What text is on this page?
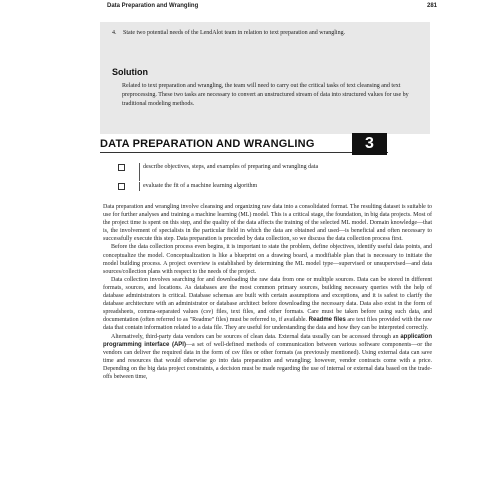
Data Preparation and Wrangling	281
4. State two potential needs of the LendAlot team in relation to text preparation and wrangling.
Solution
Related to text preparation and wrangling, the team will need to carry out the critical tasks of text cleansing and text preprocessing. These two tasks are necessary to convert an unstructured stream of data into structured values for use by traditional modeling methods.
DATA PREPARATION AND WRANGLING	3
describe objectives, steps, and examples of preparing and wrangling data
evaluate the fit of a machine learning algorithm

Data preparation and wrangling involve cleansing and organizing raw data into a consolidated format. The resulting dataset is suitable to use for further analyses and training a machine learning (ML) model. This is a critical stage, the foundation, in big data projects. Most of the project time is spent on this step, and the quality of the data affects the training of the selected ML model. Domain knowledge—that is, the involvement of specialists in the particular field in which the data are obtained and used—is beneficial and often necessary to successfully execute this step. Data preparation is preceded by data collection, so we discuss the data collection process first.

Before the data collection process even begins, it is important to state the problem, define objectives, identify useful data points, and conceptualize the model. Conceptualization is like a blueprint on a drawing board, a modifiable plan that is necessary to initiate the model building process. A project overview is established by determining the ML model type—supervised or unsupervised—and data sources/collection plans with respect to the needs of the project.

Data collection involves searching for and downloading the raw data from one or multiple sources. Data can be stored in different formats, sources, and locations. As databases are the most common primary sources, building necessary queries with the help of database administrators is critical. Database schemas are built with certain assumptions and exceptions, and it is safest to clarify the database architecture with an administrator or database architect before downloading the necessary data. Data also exist in the form of spreadsheets, comma-separated values (csv) files, text files, and other formats. Care must be taken before using such data, and documentation (often referred to as "Readme" files) must be referred to, if available. Readme files are text files provided with the raw data that contain information related to a data file. They are useful for understanding the data and how they can be interpreted correctly.

Alternatively, third-party data vendors can be sources of clean data. External data usually can be accessed through an application programming interface (API)—a set of well-defined methods of communication between various software components—or the vendors can deliver the required data in the form of csv files or other formats (as previously mentioned). Using external data can save time and resources that would otherwise go into data preparation and wrangling; however, vendor contracts come with a price. Depending on the big data project constraints, a decision must be made regarding the use of internal or external data based on the trade-offs between time,
